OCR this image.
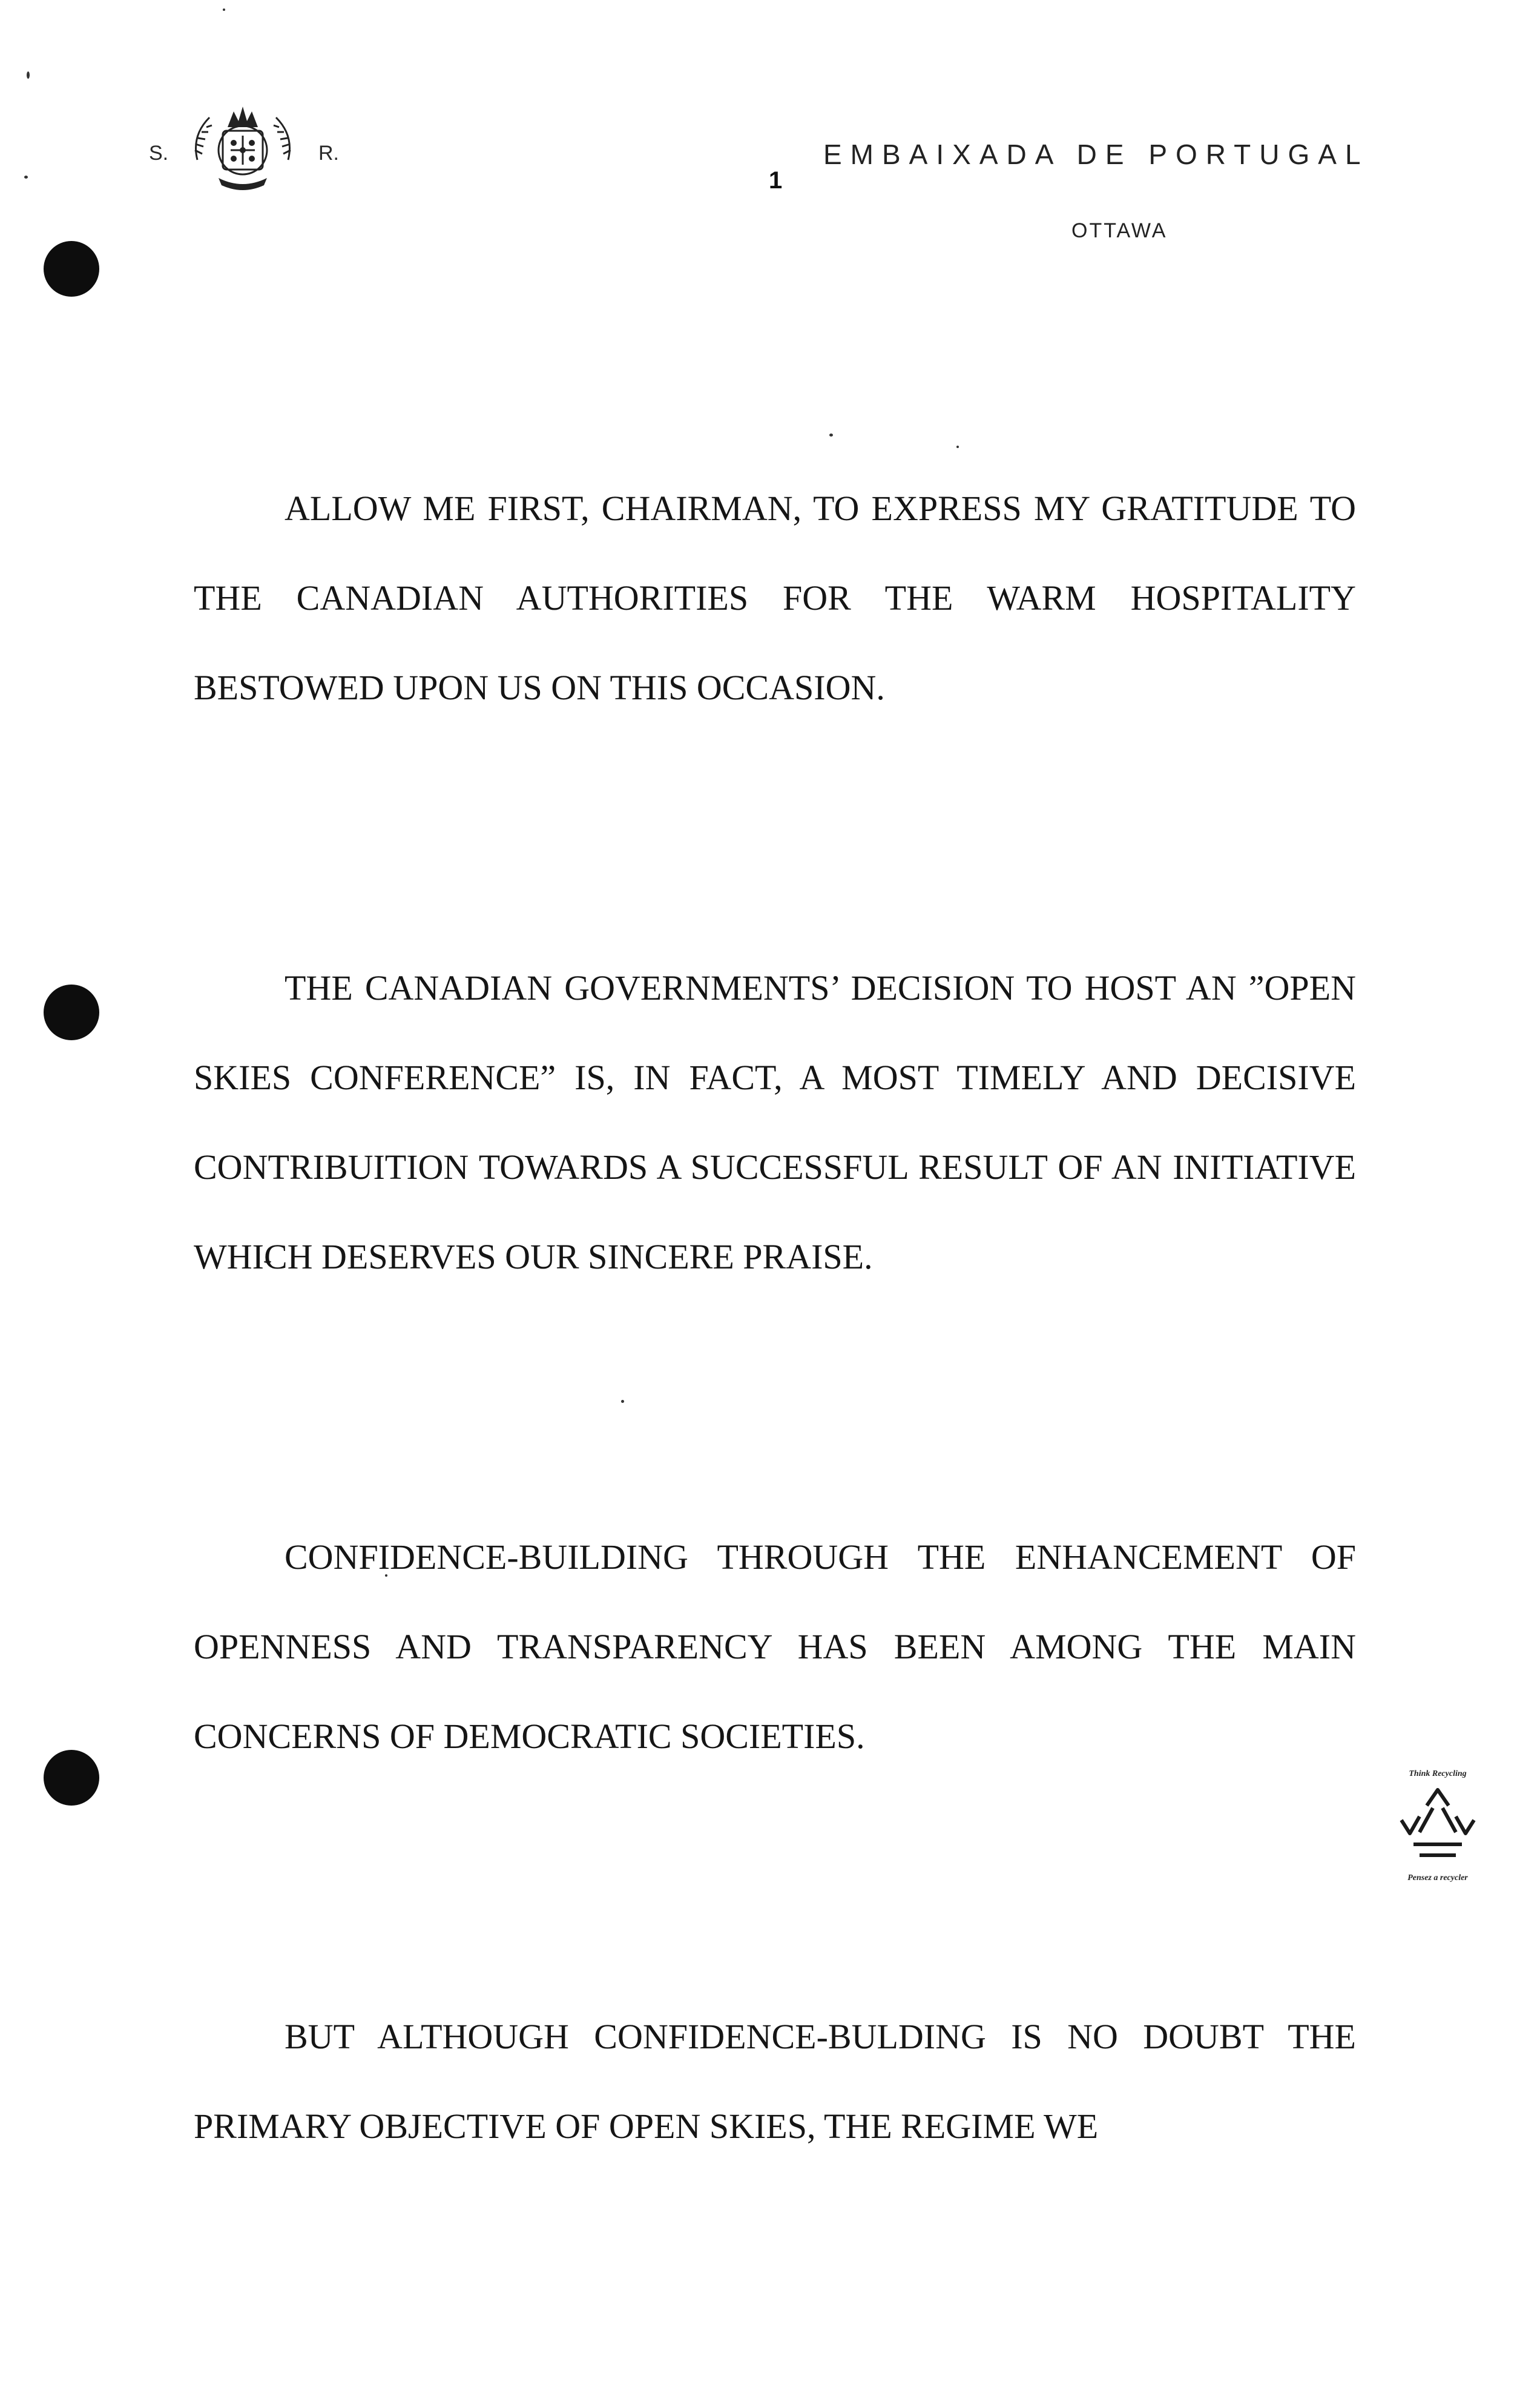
S.	R.	EMBAIXADA DE PORTUGAL
1
OTTAWA

ALLOW ME FIRST, CHAIRMAN, TO EXPRESS MY GRATITUDE TO THE CANADIAN AUTHORITIES FOR THE WARM HOSPITALITY BESTOWED UPON US ON THIS OCCASION.

THE CANADIAN GOVERNMENTS’ DECISION TO HOST AN ”OPEN SKIES CONFERENCE” IS, IN FACT, A MOST TIMELY AND DECISIVE CONTRIBUITION TOWARDS A SUCCESSFUL RESULT OF AN INITIATIVE WHICH DESERVES OUR SINCERE PRAISE.

CONFIDENCE-BUILDING THROUGH THE ENHANCEMENT OF OPENNESS AND TRANSPARENCY HAS BEEN AMONG THE MAIN CONCERNS OF DEMOCRATIC SOCIETIES.

BUT ALTHOUGH CONFIDENCE-BULDING IS NO DOUBT THE PRIMARY OBJECTIVE OF OPEN SKIES, THE REGIME WE

Think Recycling
Pensez a recycler
